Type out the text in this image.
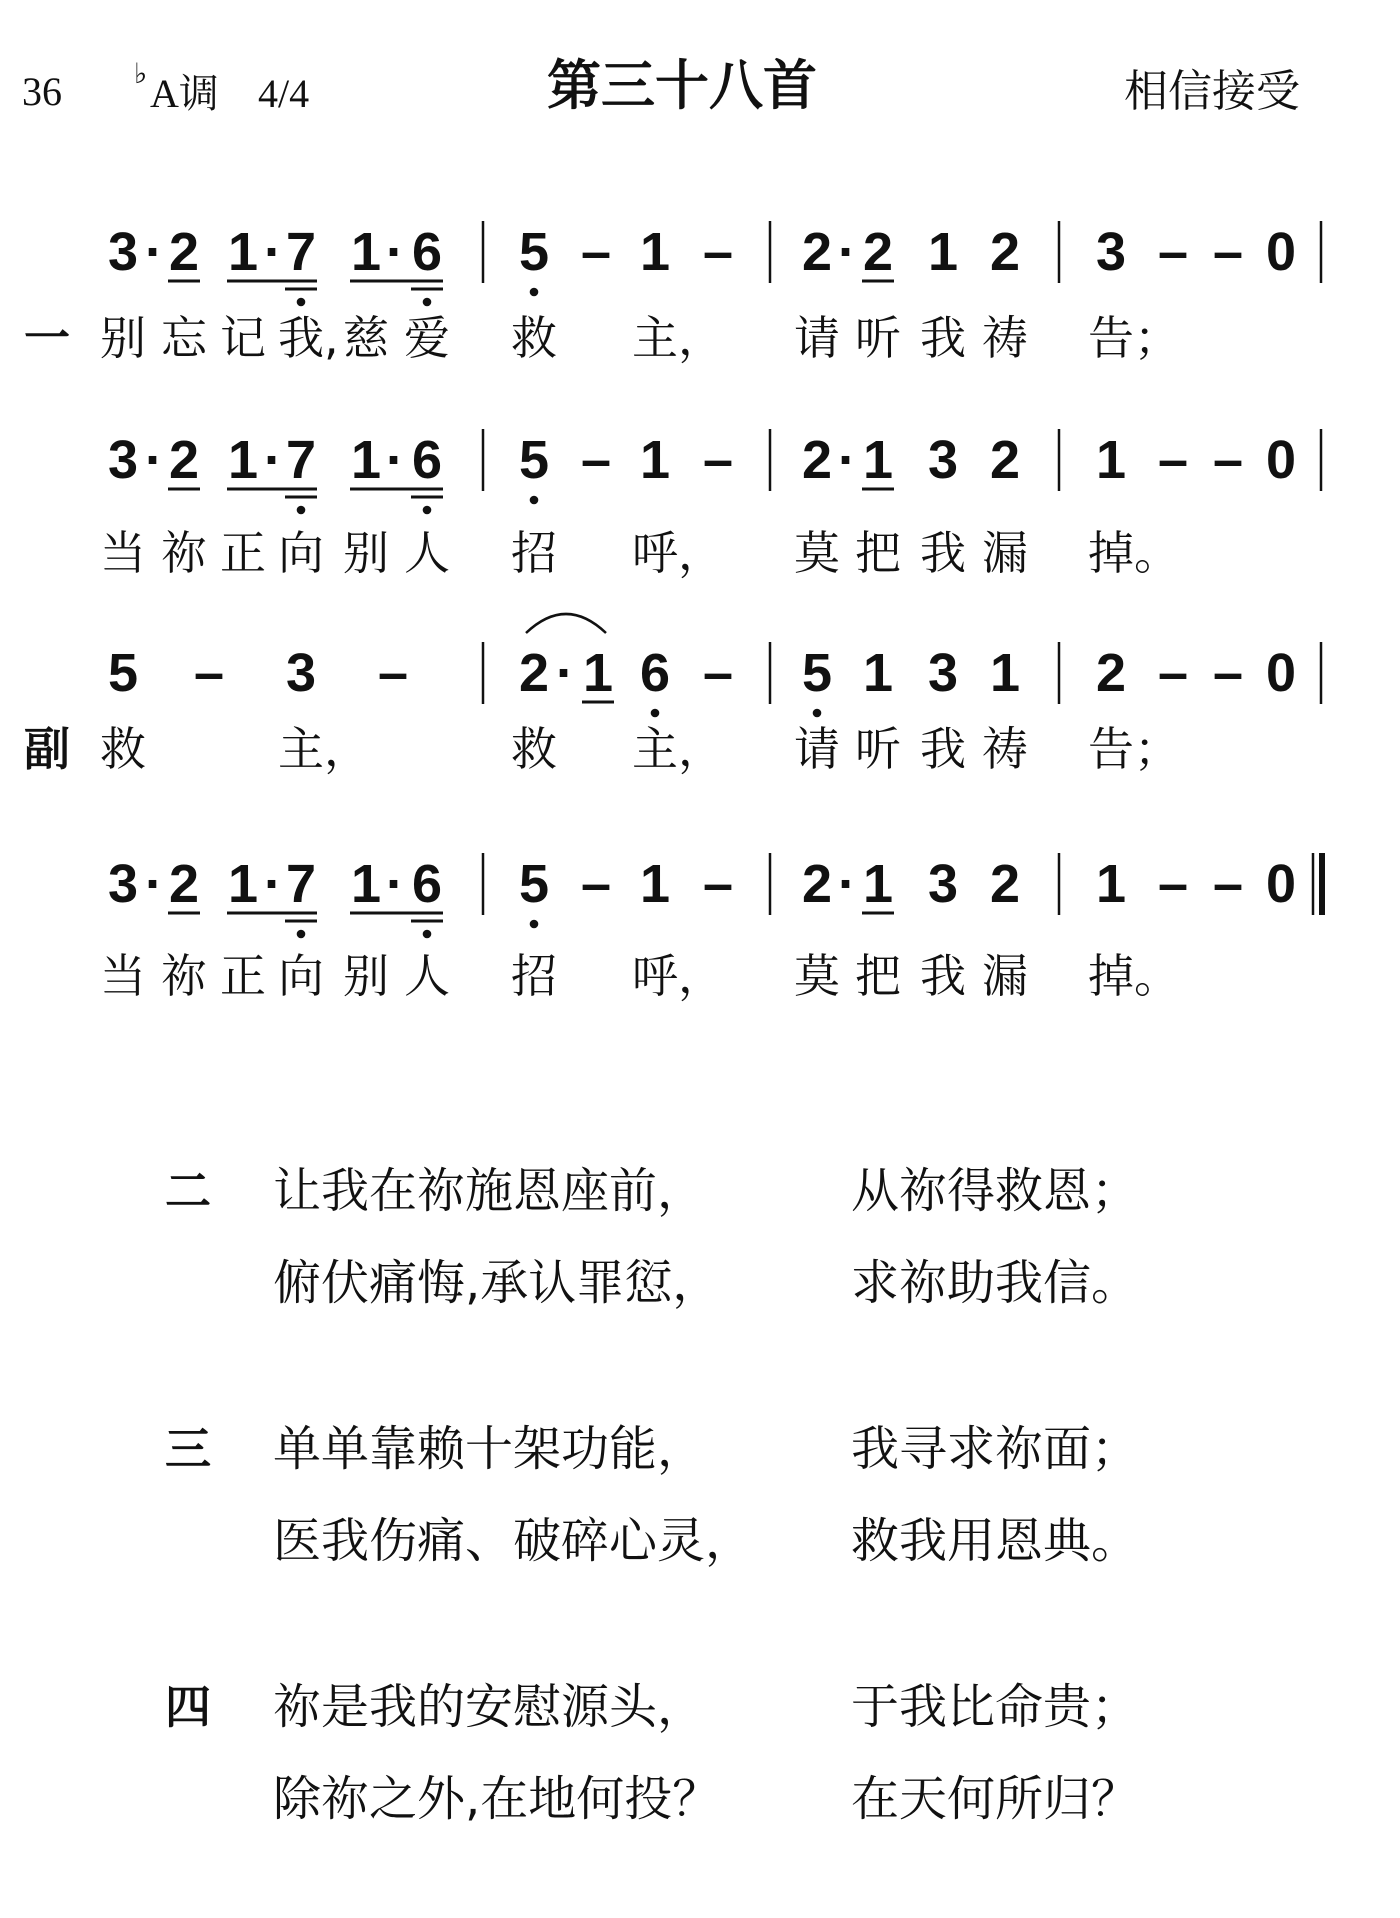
36	♭ A调 4/4	第三十八首	相信接受
3 · 2 1 · 7 1 · 6 5 – 1 – 2 · 2 1 2 3 – – 0
别 忘 记 我, 慈 爱 救 主， 请 听 我 祷 告；
一
3 · 2 1 · 7 1 · 6 5 – 1 – 2 · 1 3 2 1 – – 0
当 祢 正 向 别 人 招 呼， 莫 把 我 漏 掉。
5 – 3 – 2 · 1 6 – 5 1 3 1 2 – – 0
救	主，	救 主， 请 听 我 祷 告；
副
3 · 2 1 · 7 1 · 6 5 – 1 – 2 · 1 3 2 1 – – 0
当 祢 正 向 别 人 招 呼， 莫 把 我 漏 掉。
二 让我在祢施恩座前，	从祢得救恩；
俯伏痛悔,承认罪愆，	求祢助我信。
三 单单靠赖十架功能，	我寻求祢面；
医我伤痛、破碎心灵， 救我用恩典。
四 祢是我的安慰源头，	于我比命贵；
除祢之外,在地何投？	在天何所归？
